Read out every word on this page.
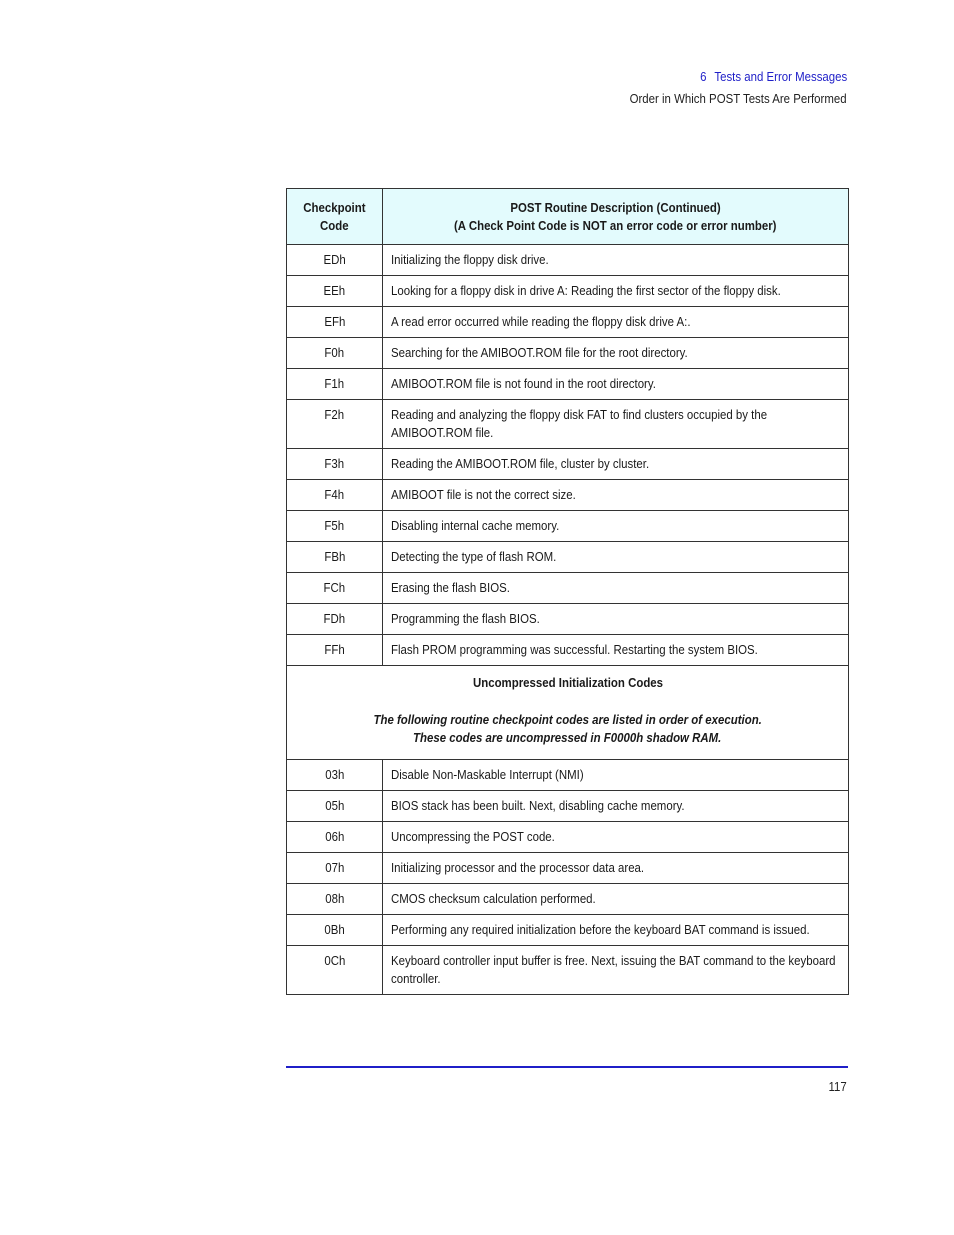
6 Tests and Error Messages
Order in Which POST Tests Are Performed
Checkpoint
Code	POST Routine Description (Continued)
(A Check Point Code is NOT an error code or error number)
EDh	Initializing the floppy disk drive.

EEh	Looking for a floppy disk in drive A: Reading the first sector of the floppy disk.

EFh	A read error occurred while reading the floppy disk drive A:.

F0h	Searching for the AMIBOOT.ROM file for the root directory.

F1h	AMIBOOT.ROM file is not found in the root directory.

F2h	Reading and analyzing the floppy disk FAT to find clusters occupied by the AMIBOOT.ROM file.

F3h	Reading the AMIBOOT.ROM file, cluster by cluster.

F4h	AMIBOOT file is not the correct size.

F5h	Disabling internal cache memory.

FBh	Detecting the type of flash ROM.

FCh	Erasing the flash BIOS.

FDh	Programming the flash BIOS.

FFh	Flash PROM programming was successful. Restarting the system BIOS.

Uncompressed Initialization Codes
The following routine checkpoint codes are listed in order of execution.
These codes are uncompressed in F0000h shadow RAM.	

03h	Disable Non-Maskable Interrupt (NMI)

05h	BIOS stack has been built. Next, disabling cache memory.

06h	Uncompressing the POST code.

07h	Initializing processor and the processor data area.

08h	CMOS checksum calculation performed.

0Bh	Performing any required initialization before the keyboard BAT command is issued.

0Ch	Keyboard controller input buffer is free. Next, issuing the BAT command to the keyboard controller.
117
